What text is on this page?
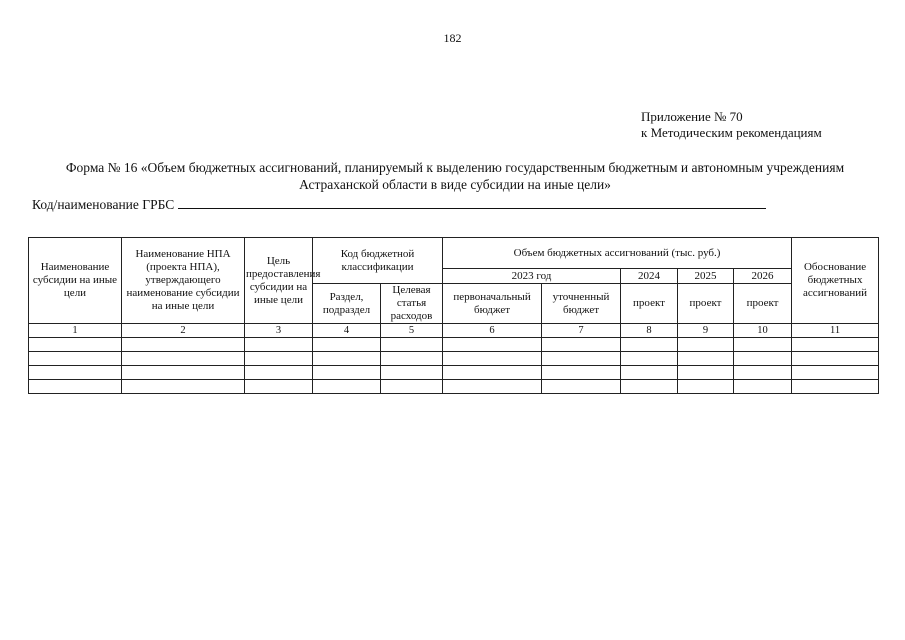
182
Приложение № 70
к Методическим рекомендациям
Форма № 16 «Объем бюджетных ассигнований, планируемый к выделению государственным бюджетным и автономным учреждениям Астраханской области в виде субсидии на иные цели»
Код/наименование ГРБС
Наименование субсидии на иные цели	Наименование НПА (проекта НПА), утверждающего наименование субсидии на иные цели	Цель предоставления субсидии на иные цели	Код бюджетной классификации		Объем бюджетных ассигнований (тыс. руб.)					Обоснование бюджетных ассигнований
					2023 год		2024	2025	2026	
			Раздел, подраздел	Целевая статья расходов	первоначальный бюджет	уточненный бюджет	проект	проект	проект	
1	2	3	4	5	6	7	8	9	10	11
